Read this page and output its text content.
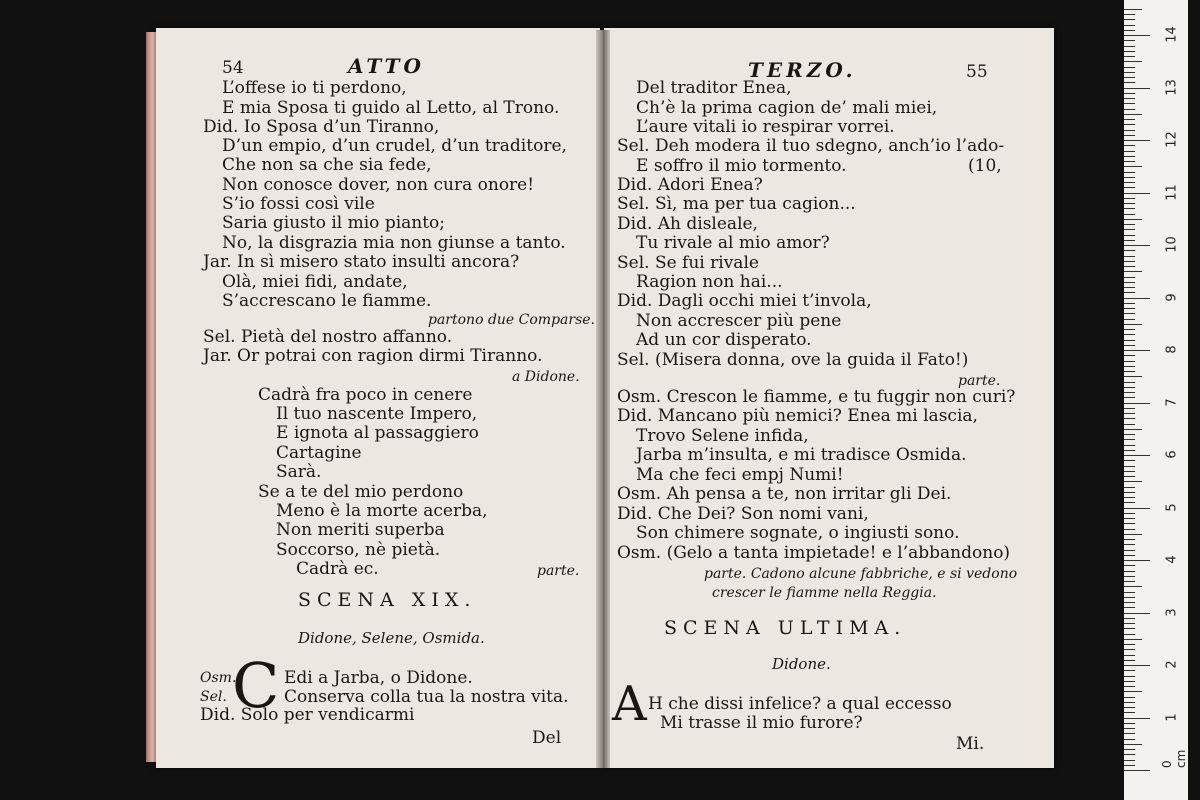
54	ATTO
L’offese io ti perdono,
E mia Sposa ti guido al Letto, al Trono.
Did. Io Sposa d’un Tiranno,
D’un empio, d’un crudel, d’un traditore,
Che non sa che sia fede,
Non conosce dover, non cura onore!
S’io fossi così vile
Saria giusto il mio pianto;
No, la disgrazia mia non giunse a tanto.
Jar. In sì misero stato insulti ancora?
Olà, miei fidi, andate,
S’accrescano le fiamme.
partono due Comparse.
Sel. Pietà del nostro affanno.
Jar. Or potrai con ragion dirmi Tiranno.
a Didone.
Cadrà fra poco in cenere
Il tuo nascente Impero,
E ignota al passaggiero
Cartagine
Sarà.
Se a te del mio perdono
Meno è la morte acerba,
Non meriti superba
Soccorso, nè pietà.
Cadrà ec.	parte.
SCENA XIX.
Didone, Selene, Osmida.
C
Osm.	Edi a Jarba, o Didone.
Sel.	Conserva colla tua la nostra vita.
Did. Solo per vendicarmi
Del
TERZO.	55
Del traditor Enea,
Ch’è la prima cagion de’ mali miei,
L’aure vitali io respirar vorrei.
Sel. Deh modera il tuo sdegno, anch’io l’ado-
E soffro il mio tormento.	(10,
Did. Adori Enea?
Sel. Sì, ma per tua cagion...
Did. Ah disleale,
Tu rivale al mio amor?
Sel. Se fui rivale
Ragion non hai...
Did. Dagli occhi miei t’invola,
Non accrescer più pene
Ad un cor disperato.
Sel. (Misera donna, ove la guida il Fato!)
parte.
Osm. Crescon le fiamme, e tu fuggir non curi?
Did. Mancano più nemici? Enea mi lascia,
Trovo Selene infida,
Jarba m’insulta, e mi tradisce Osmida.
Ma che feci empj Numi!
Osm. Ah pensa a te, non irritar gli Dei.
Did. Che Dei? Son nomi vani,
Son chimere sognate, o ingiusti sono.
Osm. (Gelo a tanta impietade! e l’abbandono)
parte. Cadono alcune fabbriche, e si vedono
crescer le fiamme nella Reggia.
SCENA ULTIMA.
Didone.
A H che dissi infelice? a qual eccesso
Mi trasse il mio furore?
Mi.
1
2
3
4
5
6
7
8
9
10
11
12
13
14
0 cm
